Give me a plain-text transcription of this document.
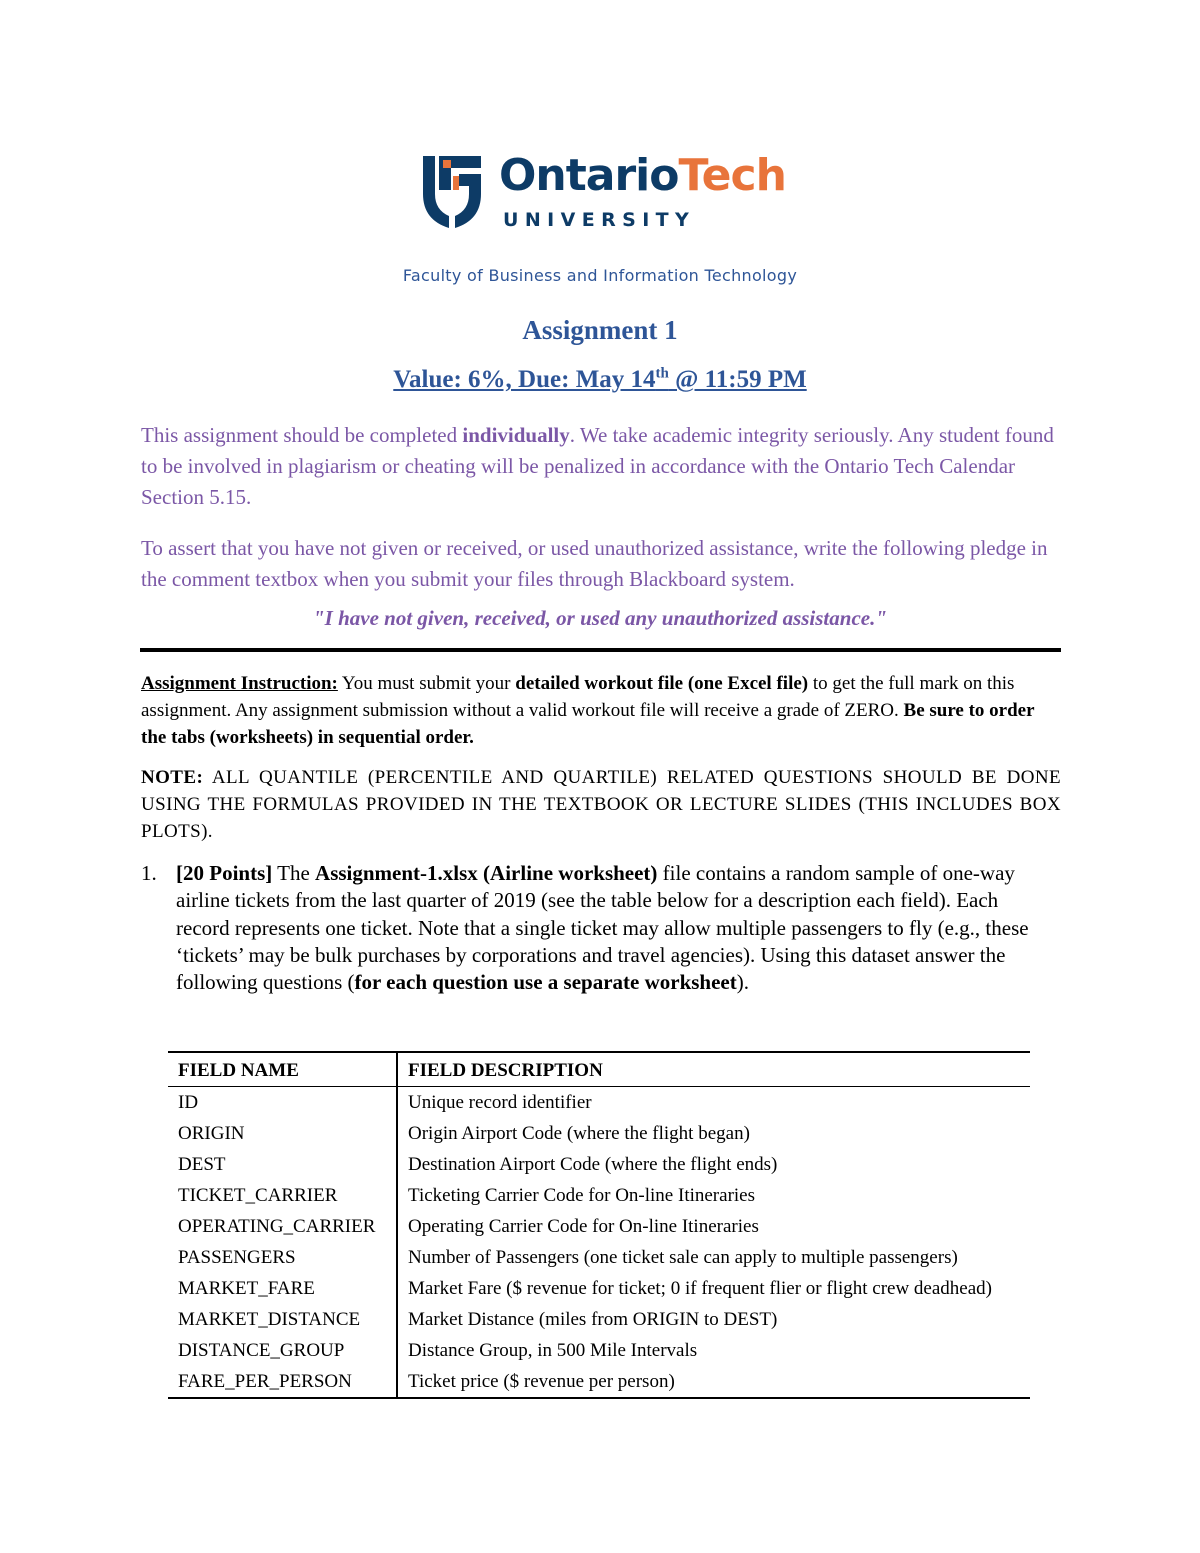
OntarioTech
UNIVERSITY
Faculty of Business and Information Technology
Assignment 1
Value: 6%, Due: May 14th @ 11:59 PM
This assignment should be completed individually. We take academic integrity seriously. Any student found to be involved in plagiarism or cheating will be penalized in accordance with the Ontario Tech Calendar Section 5.15.
To assert that you have not given or received, or used unauthorized assistance, write the following pledge in the comment textbox when you submit your files through Blackboard system.
"I have not given, received, or used any unauthorized assistance."
Assignment Instruction: You must submit your detailed workout file (one Excel file) to get the full mark on this assignment. Any assignment submission without a valid workout file will receive a grade of ZERO. Be sure to order the tabs (worksheets) in sequential order.
NOTE: ALL QUANTILE (PERCENTILE AND QUARTILE) RELATED QUESTIONS SHOULD BE DONE USING THE FORMULAS PROVIDED IN THE TEXTBOOK OR LECTURE SLIDES (THIS INCLUDES BOX PLOTS).
1. [20 Points] The Assignment-1.xlsx (Airline worksheet) file contains a random sample of one-way airline tickets from the last quarter of 2019 (see the table below for a description each field). Each record represents one ticket. Note that a single ticket may allow multiple passengers to fly (e.g., these ‘tickets’ may be bulk purchases by corporations and travel agencies). Using this dataset answer the following questions (for each question use a separate worksheet).
FIELD NAME	FIELD DESCRIPTION
ID	Unique record identifier
ORIGIN	Origin Airport Code (where the flight began)
DEST	Destination Airport Code (where the flight ends)
TICKET_CARRIER	Ticketing Carrier Code for On-line Itineraries
OPERATING_CARRIER	Operating Carrier Code for On-line Itineraries
PASSENGERS	Number of Passengers (one ticket sale can apply to multiple passengers)
MARKET_FARE	Market Fare ($ revenue for ticket; 0 if frequent flier or flight crew deadhead)
MARKET_DISTANCE	Market Distance (miles from ORIGIN to DEST)
DISTANCE_GROUP	Distance Group, in 500 Mile Intervals
FARE_PER_PERSON	Ticket price ($ revenue per person)
